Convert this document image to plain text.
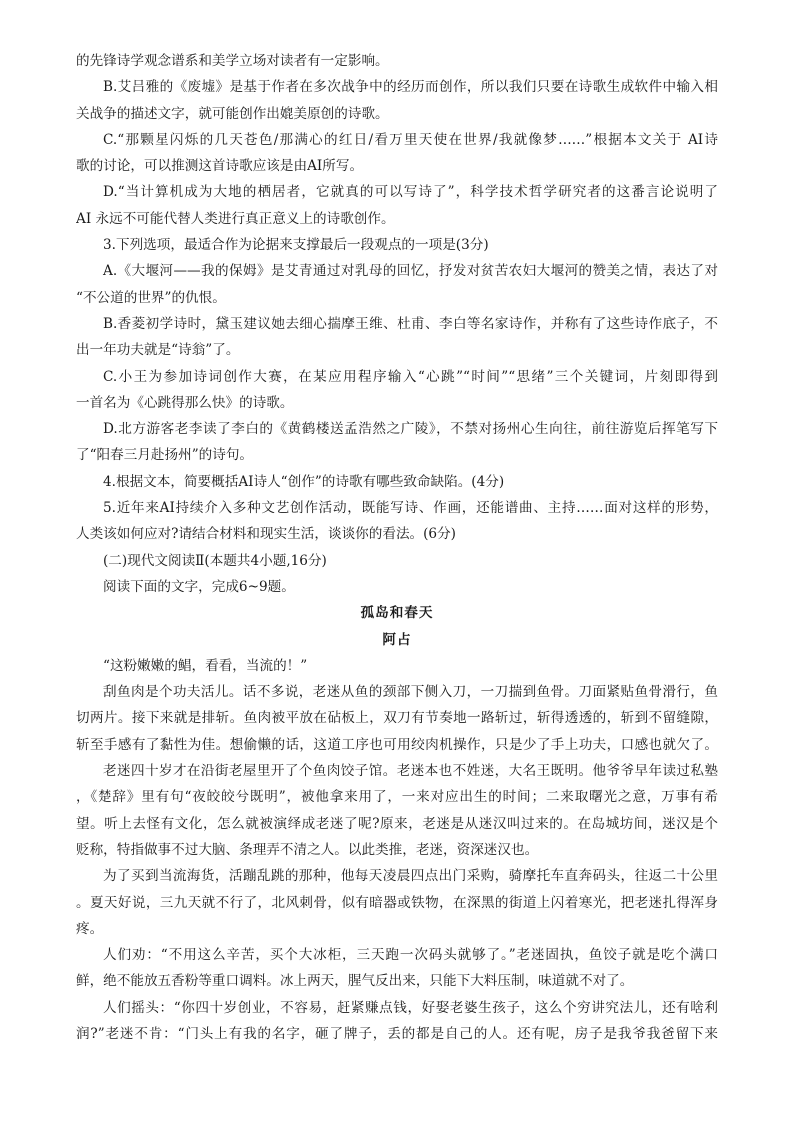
的先锋诗学观念谱系和美学立场对读者有一定影响。
B.艾吕雅的《废墟》是基于作者在多次战争中的经历而创作，所以我们只要在诗歌生成软件中输入相
关战争的描述文字，就可能创作出媲美原创的诗歌。
C.“那颗星闪烁的几天苍色/那满心的红日/看万里天使在世界/我就像梦……”根据本文关于 AI诗
歌的讨论，可以推测这首诗歌应该是由AI所写。
D.“当计算机成为大地的栖居者，它就真的可以写诗了”，科学技术哲学研究者的这番言论说明了
AI 永远不可能代替人类进行真正意义上的诗歌创作。
3.下列选项，最适合作为论据来支撑最后一段观点的一项是(3分)
A.《大堰河——我的保姆》是艾青通过对乳母的回忆，抒发对贫苦农妇大堰河的赞美之情，表达了对
“不公道的世界”的仇恨。
B.香菱初学诗时，黛玉建议她去细心揣摩王维、杜甫、李白等名家诗作，并称有了这些诗作底子，不
出一年功夫就是“诗翁”了。
C.小王为参加诗词创作大赛，在某应用程序输入“心跳”“时间”“思绪”三个关键词，片刻即得到
一首名为《心跳得那么快》的诗歌。
D.北方游客老李读了李白的《黄鹤楼送孟浩然之广陵》，不禁对扬州心生向往，前往游览后挥笔写下
了“阳春三月赴扬州”的诗句。
4.根据文本，简要概括AI诗人“创作”的诗歌有哪些致命缺陷。(4分)
5.近年来AI持续介入多种文艺创作活动，既能写诗、作画，还能谱曲、主持……面对这样的形势，
人类该如何应对?请结合材料和现实生活，谈谈你的看法。(6分)
(二)现代文阅读Ⅱ(本题共4小题,16分)
阅读下面的文字，完成6~9题。
孤岛和春天
阿占
“这粉嫩嫩的鲳，看看，当流的！”
刮鱼肉是个功夫活儿。话不多说，老迷从鱼的颈部下侧入刀，一刀揣到鱼骨。刀面紧贴鱼骨滑行，鱼
切两片。接下来就是排斩。鱼肉被平放在砧板上，双刀有节奏地一路斩过，斩得透透的，斩到不留缝隙，
斩至手感有了黏性为佳。想偷懒的话，这道工序也可用绞肉机操作，只是少了手上功夫，口感也就欠了。
老迷四十岁才在沿街老屋里开了个鱼肉饺子馆。老迷本也不姓迷，大名王既明。他爷爷早年读过私塾
，《楚辞》里有句“夜皎皎兮既明”，被他拿来用了，一来对应出生的时间；二来取曙光之意，万事有希
望。听上去怪有文化，怎么就被演绎成老迷了呢?原来，老迷是从迷汉叫过来的。在岛城坊间，迷汉是个
贬称，特指做事不过大脑、条理弄不清之人。以此类推，老迷，资深迷汉也。
为了买到当流海货，活蹦乱跳的那种，他每天凌晨四点出门采购，骑摩托车直奔码头，往返二十公里
。夏天好说，三九天就不行了，北风刺骨，似有暗器或铁物，在深黑的街道上闪着寒光，把老迷扎得浑身
疼。
人们劝：“不用这么辛苦，买个大冰柜，三天跑一次码头就够了。”老迷固执，鱼饺子就是吃个满口
鲜，绝不能放五香粉等重口调料。冰上两天，腥气反出来，只能下大料压制，味道就不对了。
人们摇头：“你四十岁创业，不容易，赶紧赚点钱，好娶老婆生孩子，这么个穷讲究法儿，还有啥利
润?”老迷不肯：“门头上有我的名字，砸了牌子，丢的都是自己的人。还有呢，房子是我爷我爸留下来
